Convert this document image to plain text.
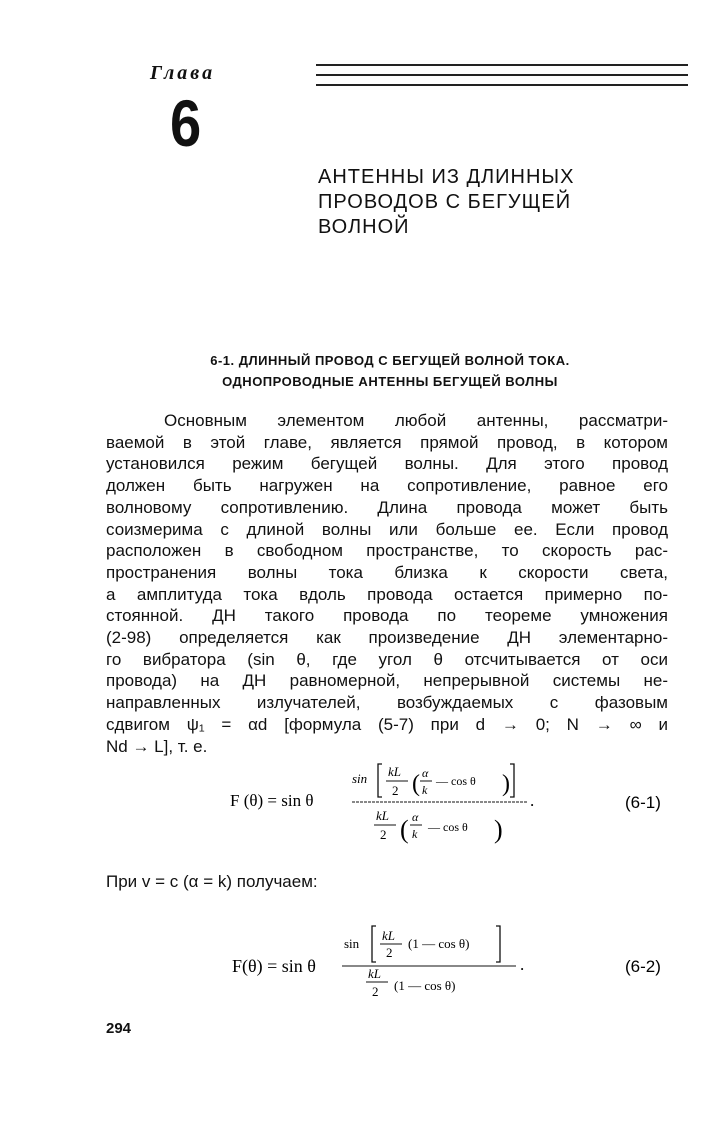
Глава
6
АНТЕННЫ ИЗ ДЛИННЫХ
ПРОВОДОВ С БЕГУЩЕЙ
ВОЛНОЙ
6-1. ДЛИННЫЙ ПРОВОД С БЕГУЩЕЙ ВОЛНОЙ ТОКА.
ОДНОПРОВОДНЫЕ АНТЕННЫ БЕГУЩЕЙ ВОЛНЫ
Основным элементом любой антенны, рассматри-
ваемой в этой главе, является прямой провод, в котором
установился режим бегущей волны. Для этого провод
должен быть нагружен на сопротивление, равное его
волновому сопротивлению. Длина провода может быть
соизмерима с длиной волны или больше ее. Если провод
расположен в свободном пространстве, то скорость рас-
пространения волны тока близка к скорости света,
а амплитуда тока вдоль провода остается примерно по-
стоянной. ДН такого провода по теореме умножения
(2-98) определяется как произведение ДН элементарно-
го вибратора (sin θ, где угол θ отсчитывается от оси
провода) на ДН равномерной, непрерывной системы не-
направленных излучателей, возбуждаемых с фазовым
сдвигом ψ₁ = αd [формула (5-7) при d → 0; N → ∞ и
Nd → L], т. е.
F (θ) = sin θ
sin kL
2 ( α
k
— cos θ )
.
kL
2 ( α
k — cos θ )
(6-1)
F(θ) = sin θ
sin
kL
2
(1 — cos θ)
.
kL
2 (1 — cos θ)
(6-2)
При v = c (α = k) получаем:
294
